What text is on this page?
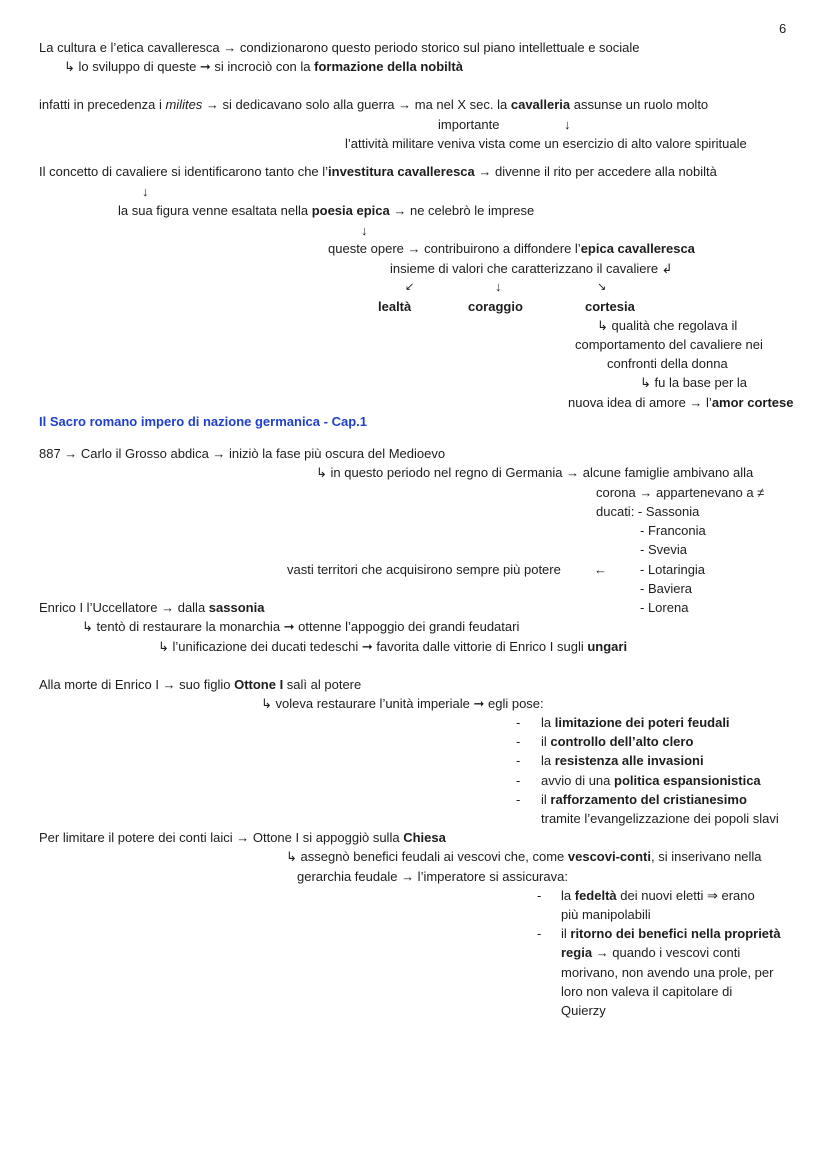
6
La cultura e l’etica cavalleresca → condizionarono questo periodo storico sul piano intellettuale e sociale
↳ lo sviluppo di queste ➞ si incrociò con la formazione della nobiltà
infatti in precedenza i milites → si dedicavano solo alla guerra → ma nel X sec. la cavalleria assunse un ruolo molto
importante	↓
l’attività militare veniva vista come un esercizio di alto valore spirituale
Il concetto di cavaliere si identificarono tanto che l’investitura cavalleresca → divenne il rito per accedere alla nobiltà
↓
la sua figura venne esaltata nella poesia epica → ne celebrò le imprese
↓
queste opere → contribuirono a diffondere l’epica cavalleresca
insieme di valori che caratterizzano il cavaliere ↲
↙	↓	↘
lealtà	coraggio	cortesia
↳ qualità che regolava il
comportamento del cavaliere nei
confronti della donna
↳ fu la base per la
nuova idea di amore → l’amor cortese
Il Sacro romano impero di nazione germanica - Cap.1
887 → Carlo il Grosso abdica → iniziò la fase più oscura del Medioevo
↳ in questo periodo nel regno di Germania → alcune famiglie ambivano alla
corona → appartenevano a ≠
ducati: - Sassonia
- Franconia
- Svevia
vasti territori che acquisirono sempre più potere	←	- Lotaringia
- Baviera
- Lorena
Enrico I l’Uccellatore → dalla sassonia
↳ tentò di restaurare la monarchia ➞ ottenne l’appoggio dei grandi feudatari
↳ l’unificazione dei ducati tedeschi ➞ favorita dalle vittorie di Enrico I sugli ungari
Alla morte di Enrico I → suo figlio Ottone I salì al potere
↳ voleva restaurare l’unità imperiale ➞ egli pose:
- la limitazione dei poteri feudali
- il controllo dell’alto clero
- la resistenza alle invasioni
- avvio di una politica espansionistica
- il rafforzamento del cristianesimo
tramite l’evangelizzazione dei popoli slavi
Per limitare il potere dei conti laici → Ottone I si appoggiò sulla Chiesa
↳ assegnò benefici feudali ai vescovi che, come vescovi-conti, si inserivano nella
gerarchia feudale → l’imperatore si assicurava:
- la fedeltà dei nuovi eletti ⇒ erano
più manipolabili
- il ritorno dei benefici nella proprietà
regia → quando i vescovi conti
morivano, non avendo una prole, per
loro non valeva il capitolare di
Quierzy
